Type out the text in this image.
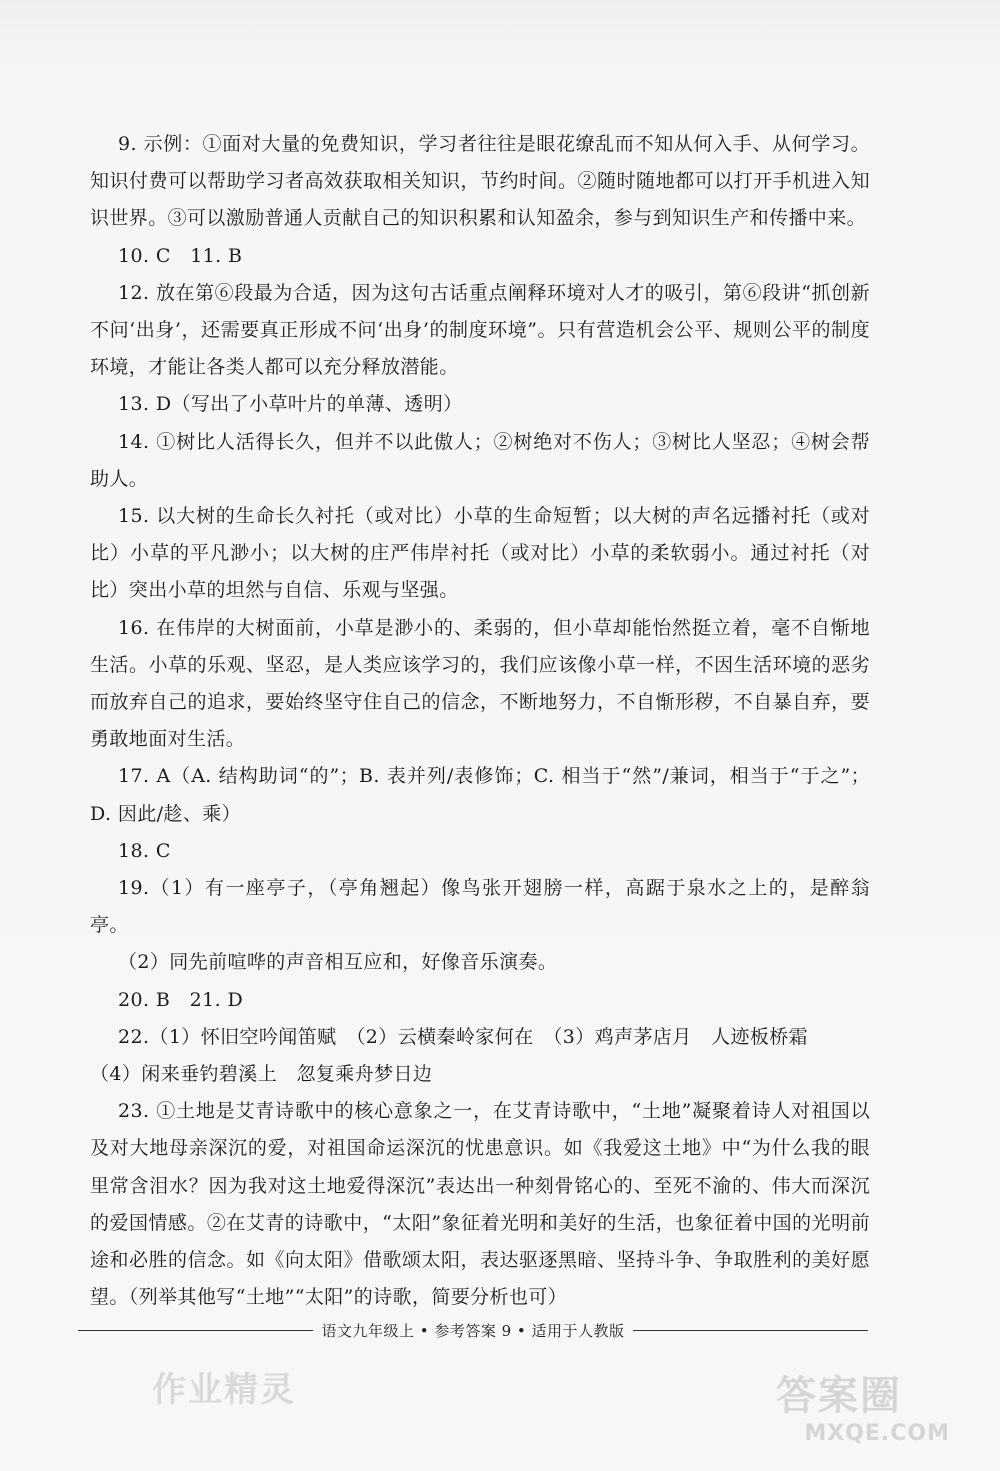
9. 示例：①面对大量的免费知识，学习者往往是眼花缭乱而不知从何入手、从何学习。知识付费可以帮助学习者高效获取相关知识，节约时间。②随时随地都可以打开手机进入知识世界。③可以激励普通人贡献自己的知识积累和认知盈余，参与到知识生产和传播中来。

10. C　11. B

12. 放在第⑥段最为合适，因为这句古话重点阐释环境对人才的吸引，第⑥段讲“抓创新不问‘出身’，还需要真正形成不问‘出身’的制度环境”。只有营造机会公平、规则公平的制度环境，才能让各类人都可以充分释放潜能。

13. D（写出了小草叶片的单薄、透明）

14. ①树比人活得长久，但并不以此傲人；②树绝对不伤人；③树比人坚忍；④树会帮助人。

15. 以大树的生命长久衬托（或对比）小草的生命短暂；以大树的声名远播衬托（或对比）小草的平凡渺小；以大树的庄严伟岸衬托（或对比）小草的柔软弱小。通过衬托（对比）突出小草的坦然与自信、乐观与坚强。

16. 在伟岸的大树面前，小草是渺小的、柔弱的，但小草却能怡然挺立着，毫不自惭地生活。小草的乐观、坚忍，是人类应该学习的，我们应该像小草一样，不因生活环境的恶劣而放弃自己的追求，要始终坚守住自己的信念，不断地努力，不自惭形秽，不自暴自弃，要勇敢地面对生活。

17. A（A. 结构助词“的”；B. 表并列/表修饰；C. 相当于“然”/兼词，相当于“于之”；D. 因此/趁、乘）

18. C

19.（1）有一座亭子，（亭角翘起）像鸟张开翅膀一样，高踞于泉水之上的，是醉翁亭。

（2）同先前喧哗的声音相互应和，好像音乐演奏。

20. B　21. D

22.（1）怀旧空吟闻笛赋　（2）云横秦岭家何在　（3）鸡声茅店月　人迹板桥霜

（4）闲来垂钓碧溪上　忽复乘舟梦日边

23. ①土地是艾青诗歌中的核心意象之一，在艾青诗歌中，“土地”凝聚着诗人对祖国以及对大地母亲深沉的爱，对祖国命运深沉的忧患意识。如《我爱这土地》中“为什么我的眼里常含泪水？因为我对这土地爱得深沉”表达出一种刻骨铭心的、至死不渝的、伟大而深沉的爱国情感。②在艾青的诗歌中，“太阳”象征着光明和美好的生活，也象征着中国的光明前途和必胜的信念。如《向太阳》借歌颂太阳，表达驱逐黑暗、坚持斗争、争取胜利的美好愿望。（列举其他写“土地”“太阳”的诗歌，简要分析也可）

语文九年级上 • 参考答案 9 • 适用于人教版
作业精灵	答案圈
MXQE.COM
